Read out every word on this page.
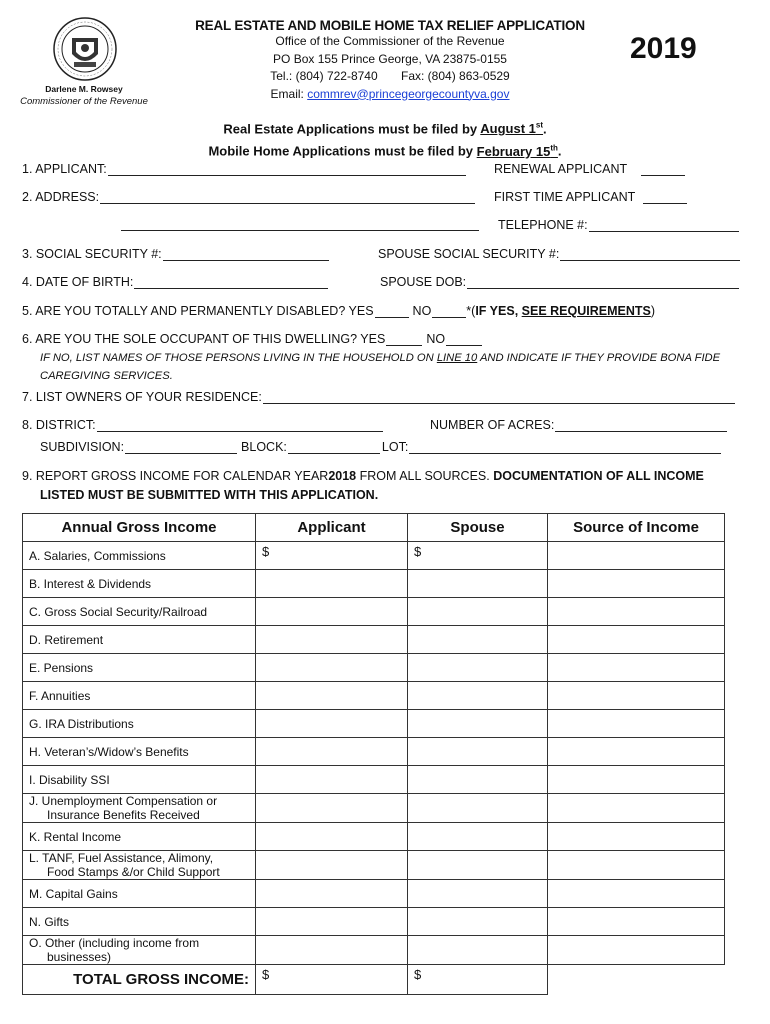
Darlene M. Rowsey
Commissioner of the Revenue
REAL ESTATE AND MOBILE HOME TAX RELIEF APPLICATION
Office of the Commissioner of the Revenue
PO Box 155 Prince George, VA 23875-0155
Tel.: (804) 722-8740 Fax: (804) 863-0529
Email: commrev@princegeorgecountyva.gov
2019
Real Estate Applications must be filed by August 1st.
Mobile Home Applications must be filed by February 15th.
1. APPLICANT:	RENEWAL APPLICANT
2. ADDRESS:	FIRST TIME APPLICANT
TELEPHONE #:
3. SOCIAL SECURITY #:	SPOUSE SOCIAL SECURITY #:
4. DATE OF BIRTH:	SPOUSE DOB:
5. ARE YOU TOTALLY AND PERMANENTLY DISABLED? YES	NO	*( IF YES,
SEE REQUIREMENTS )
6. ARE YOU THE SOLE OCCUPANT OF THIS DWELLING? YES	NO
IF NO, LIST NAMES OF THOSE PERSONS LIVING IN THE HOUSEHOLD ON LINE 10 AND INDICATE IF THEY PROVIDE BONA FIDE
CAREGIVING SERVICES.
7. LIST OWNERS OF YOUR RESIDENCE:
8. DISTRICT:	NUMBER OF ACRES:
SUBDIVISION:	BLOCK:	LOT:
9. REPORT GROSS INCOME FOR CALENDAR YEAR 2018 FROM ALL SOURCES. DOCUMENTATION OF ALL INCOME
LISTED MUST BE SUBMITTED WITH THIS APPLICATION.
Annual Gross Income	Applicant	Spouse	Source of Income

A. Salaries, Commissions	$	$	

B. Interest & Dividends			

C. Gross Social Security/Railroad			

D. Retirement			

E. Pensions			

F. Annuities			

G. IRA Distributions			

H. Veteran’s/Widow’s Benefits			

I. Disability SSI			

J. Unemployment Compensation or
Insurance Benefits Received			

K. Rental Income			

L. TANF, Fuel Assistance, Alimony,
Food Stamps &/or Child Support			

M. Capital Gains			

N. Gifts			

O. Other (including income from
businesses)			

TOTAL GROSS INCOME:	$	$	
